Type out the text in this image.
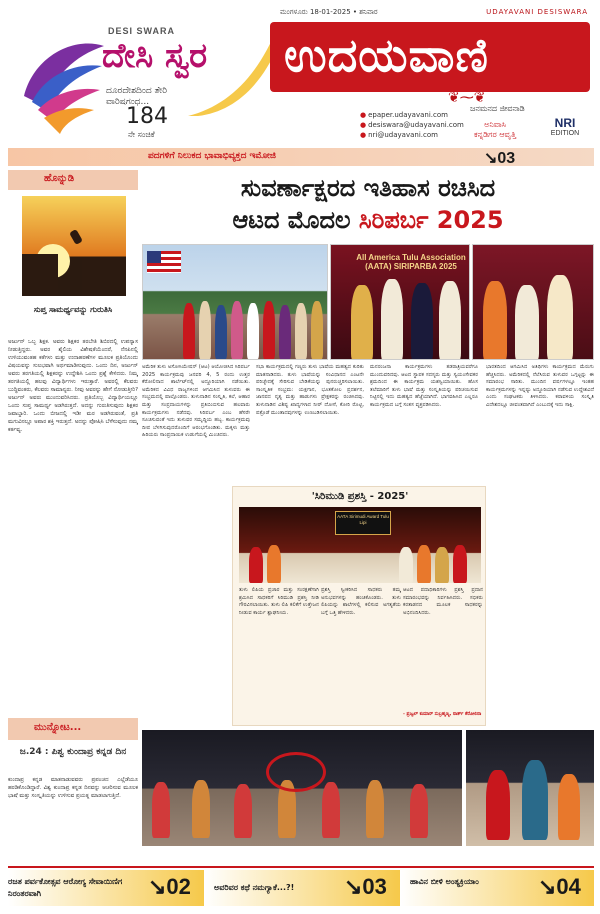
DESI SWARA
ದೇಸಿ ಸ್ವರ
ದೂರದೇಶದಿಂದ ತೇರಿ ವಾರಿಷಗಂಧ...
184
ನೇ ಸಂಚಿಕೆ
ಮಂಗಳೂರು 18-01-2025 • ಶನಿವಾರ	UDAYAVANI DESISWARA
ಉದಯವಾಣಿ
❦⁓❦
ಜನಮನದ ಜೀವನಾಡಿ
● epaper.udayavani.com
● desiswara@udayavani.com
● nri@udayavani.com
ಅನಿವಾಸಿ
ಕನ್ನಡಿಗರ ಆವೃತ್ತಿ
NRI
EDITION
ಪದಗಳಿಗೆ ನಿಲುಕದ ಭಾವಾಭಿವ್ಯಕ್ತದ ಇಮೋಜಿ	↘03
ಹೊನ್ನುಡಿ
ಸುಪ್ತ ಸಾಮರ್ಥ್ಯವನ್ನು ಗುರುತಿಸಿ
ಅರ್ಜುನ್ ಒಬ್ಬ ಶಿಕ್ಷಕ. ಅವರು ಶಿಕ್ಷಕರ ತರಬೇತಿ ಶಿಬಿರದಲ್ಲಿ ಉಪನ್ಯಾಸ ನೀಡುತ್ತಿದ್ದರು. ಅವರ ಶೈಲಿಯ ವಿಶೇಷತೆಯೆಂದರೆ, ನೆನಪಿನಲ್ಲಿ ಉಳಿಯುವಂತಹ ಕತೆಗಳು ಮತ್ತು ಉದಾಹರಣೆಗಳ ಮೂಲಕ ಪ್ರತಿಯೊಂದು ವಿಷಯವನ್ನು ಸುಲಭವಾಗಿ ಅರ್ಥಮಾಡಿಸುವುದು. ಒಂದು ದಿನ, ಅರ್ಜುನ್ ಅವರು ತರಗತಿಯಲ್ಲಿ ಶಿಕ್ಷಕರನ್ನು ಉದ್ದೇಶಿಸಿ ಒಂದು ಪ್ರಶ್ನೆ ಕೇಳಿದರು. ನಿಮ್ಮ ತರಗತಿಯಲ್ಲಿ ಹಲವು ವಿದ್ಯಾರ್ಥಿಗಳು ಇರುತ್ತಾರೆ. ಅವರಲ್ಲಿ ಕೆಲವರು ಬುದ್ಧಿವಂತರು, ಕೆಲವರು ಸಾಮಾನ್ಯರು. ನೀವು ಅವರನ್ನು ಹೇಗೆ ನೋಡುತ್ತೀರಿ? ಅರ್ಜುನ್ ಅವರು ಮುಂದುವರಿಸಿದರು. ಪ್ರತಿಯೊಬ್ಬ ವಿದ್ಯಾರ್ಥಿಯಲ್ಲೂ ಒಂದು ಸುಪ್ತ ಸಾಮರ್ಥ್ಯ ಅಡಗಿರುತ್ತದೆ. ಅದನ್ನು ಗುರುತಿಸುವುದು ಶಿಕ್ಷಕರ ಜವಾಬ್ದಾರಿ. ಒಂದು ಬೀಜದಲ್ಲಿ ಇಡೀ ಮರ ಅಡಗಿರುವಂತೆ, ಪ್ರತಿ ಮಗುವಿನಲ್ಲೂ ಅಪಾರ ಶಕ್ತಿ ಇರುತ್ತದೆ. ಅದನ್ನು ಪೋಷಿಸಿ ಬೆಳೆಸುವುದು ನಮ್ಮ ಕರ್ತವ್ಯ.
ಮುನ್ನೋಟ...
ಜ.24 : ಪಿಶ್ವ ಕುಂದಾಪ್ರ ಕನ್ನಡ ದಿನ
ಕುಂದಾಪ್ರ ಕನ್ನಡ ಮಾತನಾಡುವವರು ಪ್ರಪಂಚದ ಎಲ್ಲೆಡೆಯೂ ಹರಡಿಕೊಂಡಿದ್ದಾರೆ. ವಿಶ್ವ ಕುಂದಾಪ್ರ ಕನ್ನಡ ದಿನವನ್ನು ಆಚರಿಸುವ ಮೂಲಕ ಭಾಷೆ ಮತ್ತು ಸಂಸ್ಕೃತಿಯನ್ನು ಉಳಿಸುವ ಪ್ರಯತ್ನ ಮಾಡಲಾಗುತ್ತಿದೆ.
ಸುವರ್ಣಾಕ್ಷರದ ಇತಿಹಾಸ ರಚಿಸಿದ
ಆಟದ ಮೊದಲ ಸಿರಿಪರ್ಬ 2025
All America Tulu Association (AATA) SIRIPARBA 2025
ಅಮೆರಿಕ ತುಳು ಅಸೋಸಿಯೇಷನ್ (ಆಟ) ಆಯೋಜಿಸಿದ ಸಿರಿಪರ್ಬ 2025 ಕಾರ್ಯಕ್ರಮವು ಜನವರಿ 4, 5 ರಂದು ಉತ್ತರ ಕೆರೋಲಿನಾದ ಶಾರ್ಲೆಟ್‌ನಲ್ಲಿ ಅದ್ದೂರಿಯಾಗಿ ನಡೆಯಿತು. ಅಮೆರಿಕದ ವಿವಿಧ ರಾಜ್ಯಗಳಿಂದ ಆಗಮಿಸಿದ ತುಳುವರು ಈ ಸಂಭ್ರಮದಲ್ಲಿ ಪಾಲ್ಗೊಂಡರು. ತುಳುನಾಡಿನ ಸಂಸ್ಕೃತಿ, ಕಲೆ, ಆಹಾರ ಮತ್ತು ಸಂಪ್ರದಾಯಗಳನ್ನು ಪ್ರತಿಬಿಂಬಿಸುವ ಹಲವಾರು ಕಾರ್ಯಕ್ರಮಗಳು ನಡೆದವು. ಸಿರಿಪರ್ಬ ಎಂಬ ಹೆಸರೇ ಸೂಚಿಸುವಂತೆ ಇದು ತುಳುವರ ಸಮೃದ್ಧಿಯ ಹಬ್ಬ. ಕಾರ್ಯಕ್ರಮವು ದೀಪ ಬೆಳಗಿಸುವುದರೊಂದಿಗೆ ಆರಂಭಗೊಂಡಿತು. ಮಕ್ಕಳು ಮತ್ತು ಹಿರಿಯರು ಸಾಂಪ್ರದಾಯಿಕ ಉಡುಗೆಯಲ್ಲಿ ಮಿಂಚಿದರು.
ಸಭಾ ಕಾರ್ಯಕ್ರಮದಲ್ಲಿ ಗಣ್ಯರು ತುಳು ಭಾಷೆಯ ಮಹತ್ವದ ಕುರಿತು ಮಾತನಾಡಿದರು. ತುಳು ಭಾಷೆಯನ್ನು ಸಂವಿಧಾನದ ಎಂಟನೇ ಪರಿಚ್ಛೇದಕ್ಕೆ ಸೇರಿಸುವ ಬೇಡಿಕೆಯನ್ನು ಪುನರುಚ್ಚರಿಸಲಾಯಿತು. ಸಾಂಸ್ಕೃತಿಕ ಸಂಭ್ರಮ: ಯಕ್ಷಗಾನ, ಭೂತಕೋಲ ಪ್ರದರ್ಶನ, ಜಾನಪದ ನೃತ್ಯ ಮತ್ತು ಹಾಡುಗಳು ಪ್ರೇಕ್ಷಕರನ್ನು ರಂಜಿಸಿದವು. ತುಳುನಾಡಿನ ವಿಶಿಷ್ಟ ಖಾದ್ಯಗಳಾದ ನೀರ್ ದೋಸೆ, ಕೋರಿ ರೊಟ್ಟಿ, ಪತ್ರೊಡೆ ಮುಂತಾದವುಗಳನ್ನು ಉಣಬಡಿಸಲಾಯಿತು.
ಮನರಂಜನಾ ಕಾರ್ಯಕ್ರಮಗಳು ತಡರಾತ್ರಿಯವರೆಗೂ ಮುಂದುವರಿದವು. ಆಟದ ಸ್ಥಾಪಕ ಸದಸ್ಯರು ಮತ್ತು ಸ್ವಯಂಸೇವಕರ ಶ್ರಮದಿಂದ ಈ ಕಾರ್ಯಕ್ರಮ ಯಶಸ್ವಿಯಾಯಿತು. ಹೊಸ ತಲೆಮಾರಿಗೆ ತುಳು ಭಾಷೆ ಮತ್ತು ಸಂಸ್ಕೃತಿಯನ್ನು ಪರಿಚಯಿಸುವ ನಿಟ್ಟಿನಲ್ಲಿ ಇದು ಮಹತ್ವದ ಹೆಜ್ಜೆಯಾಗಿದೆ. ಭಾಗವಹಿಸಿದ ಎಲ್ಲರೂ ಕಾರ್ಯಕ್ರಮದ ಬಗ್ಗೆ ಸಂತಸ ವ್ಯಕ್ತಪಡಿಸಿದರು.
ಭಾರತದಿಂದ ಆಗಮಿಸಿದ ಅತಿಥಿಗಳು ಕಾರ್ಯಕ್ರಮದ ಮೆರುಗು ಹೆಚ್ಚಿಸಿದರು. ಅಮೆರಿಕದಲ್ಲಿ ನೆಲೆಸಿರುವ ತುಳುವರ ಒಗ್ಗಟ್ಟನ್ನು ಈ ಸಮಾರಂಭ ಸಾರಿತು. ಮುಂದಿನ ವರ್ಷಗಳಲ್ಲೂ ಇಂತಹ ಕಾರ್ಯಕ್ರಮಗಳನ್ನು ಇನ್ನಷ್ಟು ಅದ್ದೂರಿಯಾಗಿ ನಡೆಸುವ ಉದ್ದೇಶವಿದೆ ಎಂದು ಸಂಘಟಕರು ತಿಳಿಸಿದರು. ಕರಾವಳಿಯ ಸಂಸ್ಕೃತಿ ವಿದೇಶದಲ್ಲೂ ಜೀವಂತವಾಗಿದೆ ಎಂಬುದಕ್ಕೆ ಇದು ಸಾಕ್ಷಿ.
'ಸಿರಿಮುಡಿ ಪ್ರಶಸ್ತಿ - 2025'
AATA Sirimudi Award Tulu Lipi
ತುಳು ಲಿಪಿಯ ಪ್ರಚಾರ ಮತ್ತು ಸಂರಕ್ಷಣೆಗಾಗಿ ಶ್ರಮಿಸಿದ ಸಾಧಕರಿಗೆ ಸಿರಿಮುಡಿ ಪ್ರಶಸ್ತಿ ನೀಡಿ ಗೌರವಿಸಲಾಯಿತು. ತುಳು ಲಿಪಿ ಕಲಿಕೆಗೆ ಉತ್ತೇಜನ ನೀಡುವ ಕಾರ್ಯ ಶ್ಲಾಘನೀಯ.
ಪ್ರಶಸ್ತಿ ಸ್ವೀಕರಿಸಿದ ಸಾಧಕರು ತಮ್ಮ ಅನುಭವಗಳನ್ನು ಹಂಚಿಕೊಂಡರು. ತುಳು ಲಿಪಿಯನ್ನು ಶಾಲೆಗಳಲ್ಲಿ ಕಲಿಸುವ ಅಗತ್ಯತೆಯ ಬಗ್ಗೆ ಒತ್ತಿ ಹೇಳಿದರು.
ಆಟದ ಪದಾಧಿಕಾರಿಗಳು ಪ್ರಶಸ್ತಿ ಪ್ರದಾನ ಸಮಾರಂಭವನ್ನು ನಿರ್ವಹಿಸಿದರು. ಸಭಿಕರು ಕರತಾಡನದ ಮೂಲಕ ಸಾಧಕರನ್ನು ಅಭಿನಂದಿಸಿದರು.
- ಪ್ರಜ್ವಲ್ ಕುಮಾರ್ ಸುಬ್ರಹ್ಮಣ್ಯ, ನಾರ್ತ್ ಕೆರೋಲಿನಾ
ರಜತ ಪರ್ವಕೋತ್ಸವ ಆರೋಗ್ಯ ಸೇವಾಯಿಣಿಗ ನಿರಂತರವಾಗಿ	↘02	ಅವರಿವರ ಕಥೆ ನಮಗ್ಯಾಕೆ...?! ↘03	ಹಾವಿನ ಬೀಳಿ ಅಂತ್ಯಕ್ರಿಯಾಂ	↘04
